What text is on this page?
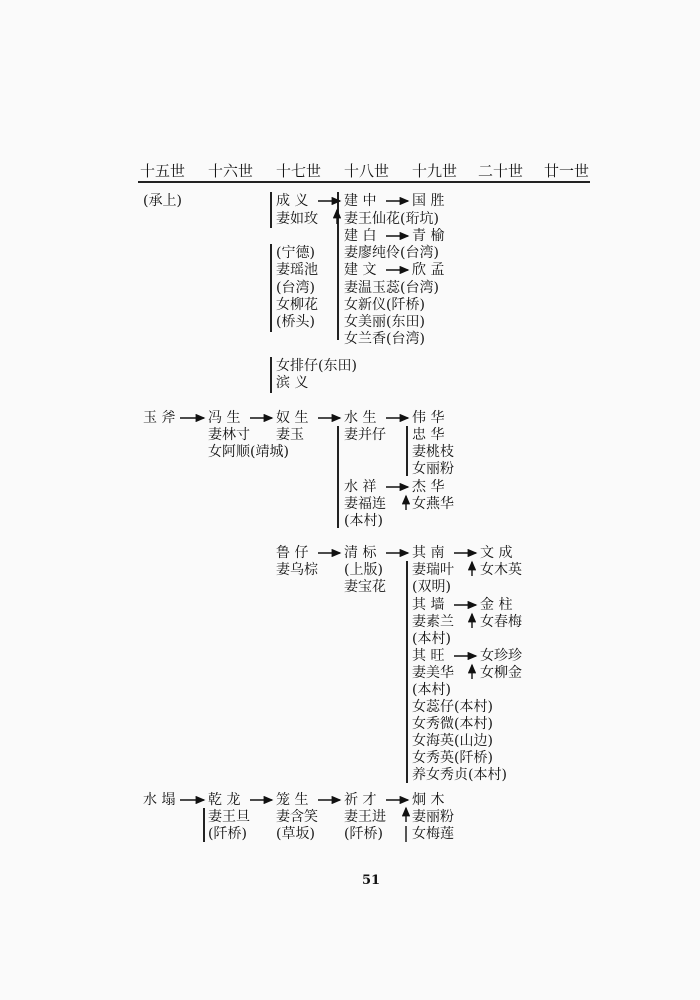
十五世 十六世 十七世 十八世 十九世 二十世 廿一世
(承上)	成 义
妻如玫
建 中
妻王仙花(珩坑)
建 白
妻廖纯伶(台湾)
建 文
妻温玉蕊(台湾)
女新仪(阡桥)
女美丽(东田)
女兰香(台湾)
国 胜
青 榆
欣 孟
(宁德)
妻瑶池
(台湾)
女柳花
(桥头)
女排仔(东田)
滨 义
玉 斧 冯 生
妻林寸
女阿顺(靖城)
奴 生
妻玉
水 生
妻并仔
水 祥
妻福连
(本村)
伟 华
忠 华
妻桃枝
女丽粉
杰 华
女燕华
鲁 仔
妻乌棕
清 标
(上版)
妻宝花
其 南
妻瑞叶
(双明)
其 墙
妻素兰
(本村)
其 旺
妻美华
(本村)
女蕊仔(本村)
女秀微(本村)
女海英(山边)
女秀英(阡桥)
养女秀贞(本村)
文 成
女木英
金 柱
女春梅
女珍珍
女柳金
水 塌 乾 龙
妻王旦
(阡桥)
笼 生
妻含笑
(草坂)
祈 才
妻王进
(阡桥)
炯 木
妻丽粉
女梅莲
51
